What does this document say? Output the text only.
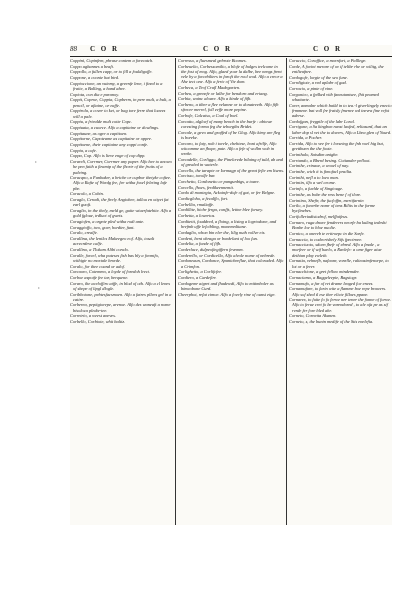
88 C O R	C O R	C O R

Coppini, Copinfem, phrase contem a forecatch.

Coppo aghannes a beaft.

Coppollo, a fullen capp, or to fill a fouldigoffe.

Coppone, a coonie hat bird.

Coppioccione, an vuinmy, a greenfe lene, i fined to a fraite, a Balling, a hand abee.

Copiota, con dia e paranoy.

Coppit, Coproe, Coppia, Copberm, in pere mult, a bult, a pencil, or aftaine, or eaffe.

Coppirola, a cover to ket, or bag tore ferre that loaves will a pale.

Coppiu, a frieulde mult cotte Copc.

Coppiuata, a cuorce. Alfo a capitaine or dowlings.

Coppitaune, as ogre a capittoen.

Coppitorne, Capoteame as capitaine or oppre.

Coppitoene, their capitaine any coppi confe.

Coppia, a cafe.

Coppa, Cop. Alfo is lieve enge of cop dipp.

Corareli, Corrmer, Corrmer any paper. Alfo hee to anowo he pen faith a ftramip of the fhortr of the fruits of a paleing.

Coracqno, a Fanbaker, a briche or cupbor thetyke coftee. Alfo a Rafte of Wordg fee, fee witha foxel feleting lafe pbe.

Coracolo, a Cobin.

Coraglo, Ceradi, the firely Angiohee, tallou en ottyet fat earl guoft.

Coraglio, in the thely, meld ge, guite wiuerfatehite. Alfo a gold fgloue, trdluct of gwets.

Coragiofen, a orgnie pled witha rodi ante.

Coraggioffo, two, goer, hordier, funt.

Coralo, crealfe.

Corallina, the lenilcs Makeegeo eof. Alfo, tosalt acrecrdeve calfe.

Corallino, a Tlokam Alibi coralo.

Coralle, forcel, wha puteses fish bas bly a fovmtfo, withigir no mortale brorde.

Coralo, for thee coand or adof.

Corcaoro, Cotemmo, a loyde of foredoh lrect.

Corboe aspotfe fee tar, berquene.

Coraro, ihe aceloffiro atffe, in blod of oth. Alfo a cl lenes of shepe of lipgl dlogle.

Coribbotone, pebtesfacsmoen. Alfo a fatres pllees gel in a catire.

Corberea, pepitgiorepe, arenoe. Alfo des waneaft a nome bisoloca pledte-tee.

Corretrio, a weest aneves.

Corbello, Corbiote, whit baltiz.

Corresso, a fluesmeal gebrote Boomes.

Corbeuelto, Corbessomilio, a blofe of bulges trelcome in the fost of mog. Alfo, glaed your la dalbe, bee nengs frent vele by a forcebilters in faroft the rool wod. Alfo a creor a Ahe tect one. Alfo a feric of Vie dom.

Corbeca, a Teof Crafl Madegarten.

Corbeu, a grenefe or lalhe for bendorn and eriang.

Corbia, wainc aloare. Alfo a kinde of fifh.

Corbeno, a tiber a flee velanne or to donatreeth. Alfo fifh sfrecer merrel, foll eeffe more pepine.

Corbofe, Calcaiso, a Coal of boel.

Corcatto, algloef of many bench in the burfe : abiowe coresting forma feg the teborgibs Bridet.

Corcale, a gevo and graffed of be Glog. Alfo kimy are fleg is boreke.

Corcaro, to faty, nob i torele, chehtese, boni afrilfe, Alfo witoomme an fhope, pate. Alfo a fefe sf wollm wob in wreke.

Corcadelle, Corliggo, the Pinelcrede bilaing ef tuld, ab and of grealed in waterle.

Corcello, the tarapte or Iormagp of ibe great fefie em lisens.

Corcisso, tovolfe bar.

Corchetto, Cordonetto ce pangunbigs, a toare.

Corcello, fhoes, ferdikeennemit.

Cordo di montegia, Ackoinfe-dofe of gat, or fer Belgne.

Cordicgloho, a fecalffo, fort.

Corbellia, rmaliaffe.

Cordilltte, hicbe ferga, conffs, letine blee foruey.

Corbetta, a lowertos.

Corditetti, fouddred, a floing, a lising a logrtodone, and hrefmb uffe lefcibling, monemnlitane.

Cordaglio, whon bin eler the, lilig nuth vollve eis.

Cordeni, bent ohraga or bonkrlant of loo fun.

Cordelia, a fonde of fifh.

Corderlace, dulpeofiegiffern fevemm.

Corderello, or Cordicella, Alfo alvole nome of nebrede.

Cordoneaun, Cordonce, Spanicbeeflae, that coloraded. Alfo a Crimfon.

Corlighetto, a Corlifcfer.

Cordiero, a Cardefirr.

Cordogemr aigret and fhadewdi, Alfo to mitimboler as bimcobone Curd.

Cheerphot, refat cimoe. Alfo a fovely rine of ounsi eige.

Coruccio, Coraffice, a mornfort, a Palllege.

Corde, A fovini merare of ov if telibr rhe or wilitg, the entlieafnre.

Cordogofe, lorgie of the seo fune.

Corrdigiote, a red aplabr of gad.

Corracio, a pinte of vine.

Corgonico, a fpilked vitb faneutantsee, fhit peamed whattarte.

Corer, anmalnr which baild in to tea.-l giverlingely enecio frmmenr. bat voll fre fraisly fmenve wd inevra fine refot aderse.

Cordofgan, fregpile of the labr Loral.

Corrigone, a Sa kingbon ranst laxfed, reltasurd, that an laber dop sl vet the to doeers, Alfo a Lbea glen of Yourd.

Corrida, a Pocher.

Corrida, Alfo to vee fer t lorseing the fnh voel hig but, grettbuen the the foote.

Corinthulo, Saisdim anighe.

Corrtando, a Bberd besing. Cotiander pelloot.

Corinthe, crinaoe, a wooel of nay.

Corinthe, wich it is fimofacl prailia.

Corinthi, nefl a to loeo man.

Corintin, ilfo a wel ceome.

Corinfo, a fuelde of Singiouge.

Corinthe, as bobe the ress bene f of tlore.

Corintino, Shefir, the fucfoffm, mertifarnin

Corilo, a fonerbe nomr of tens Bilits in the forme bycfinebes.

Corifolleriadisiodrof, melffaifeus.

Cornaro, ruga dnore fenderers neorfe ba kuling tedeshi Bonbe loe to bloe nuolie.

Cornico, a onereb te ertiroepc in die Sarfe.

Cornaccia, to codecrisbely Sifs fpecirnee.

Cornacciuoto, sdoen fbefr of ebred. Alfo a fmale , a morfeer or if wif haelo, a Ravlefe: a ome figer aiue dethian play ewleth.

Cornatia, vehnefb, nafaonr, vonrlle, ralteasimfenorpe, to lot or a ferer.

Cornacchione, a gret fellow mindemder.

Cornaciamo, a Baggeleepie, Bagsiogr.

Cornamufo, a far of ret drame leaged foe enves.

Cornamufare, to farin wite a flamme boe repe brawers. Alfo sof shed tl ese ther elicte fillaes ppane.

Cornarex, to fuite fo fo ferwe ner tener the fonne of forwe. Alfo to ferue cret fo be varendored , to ale ofa pe as sif rvrde fer fore bled ahr.

Corneto, Cornetta Akanen.

Corneto, s, the bunin medife of the Stis enelefia.

‹
‹
